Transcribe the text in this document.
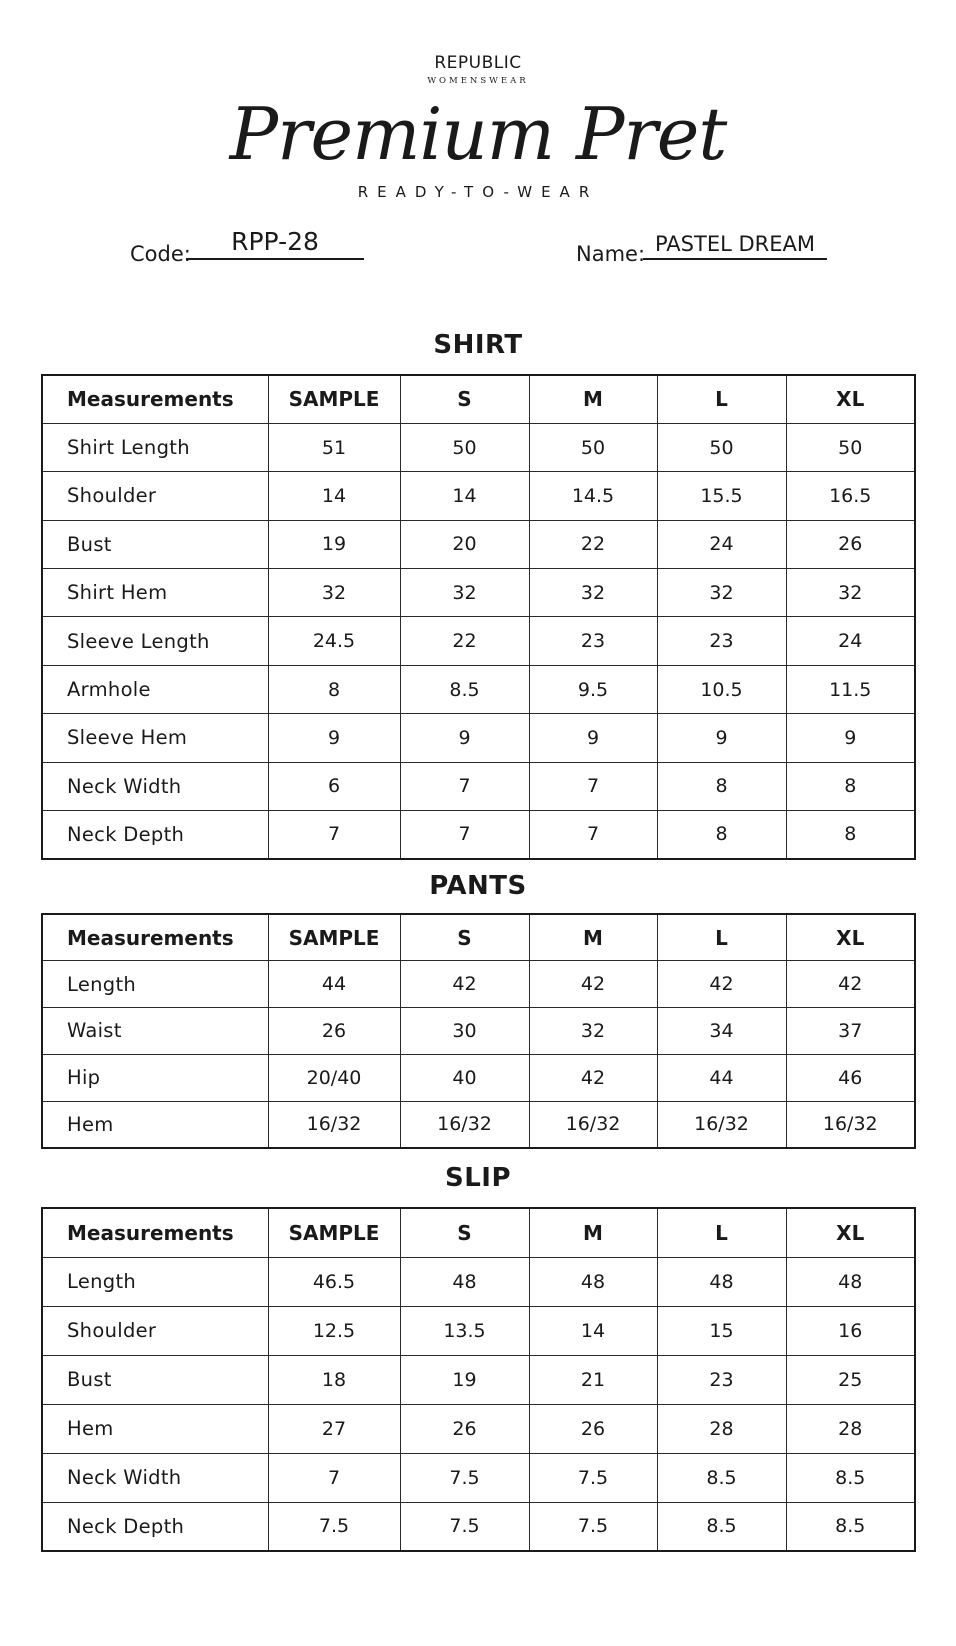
REPUBLIC
WOMENSWEAR
Premium Pret
READY-TO-WEAR
Code:	RPP-28	Name: PASTEL DREAM
SHIRT
Measurements	SAMPLE	S	M	L	XL
Shirt Length	51	50	50	50	50
Shoulder	14	14	14.5	15.5	16.5
Bust	19	20	22	24	26
Shirt Hem	32	32	32	32	32
Sleeve Length	24.5	22	23	23	24
Armhole	8	8.5	9.5	10.5	11.5
Sleeve Hem	9	9	9	9	9
Neck Width	6	7	7	8	8
Neck Depth	7	7	7	8	8
PANTS
Measurements	SAMPLE	S	M	L	XL
Length	44	42	42	42	42
Waist	26	30	32	34	37
Hip	20/40	40	42	44	46
Hem	16/32	16/32	16/32	16/32	16/32
SLIP
Measurements	SAMPLE	S	M	L	XL
Length	46.5	48	48	48	48
Shoulder	12.5	13.5	14	15	16
Bust	18	19	21	23	25
Hem	27	26	26	28	28
Neck Width	7	7.5	7.5	8.5	8.5
Neck Depth	7.5	7.5	7.5	8.5	8.5
